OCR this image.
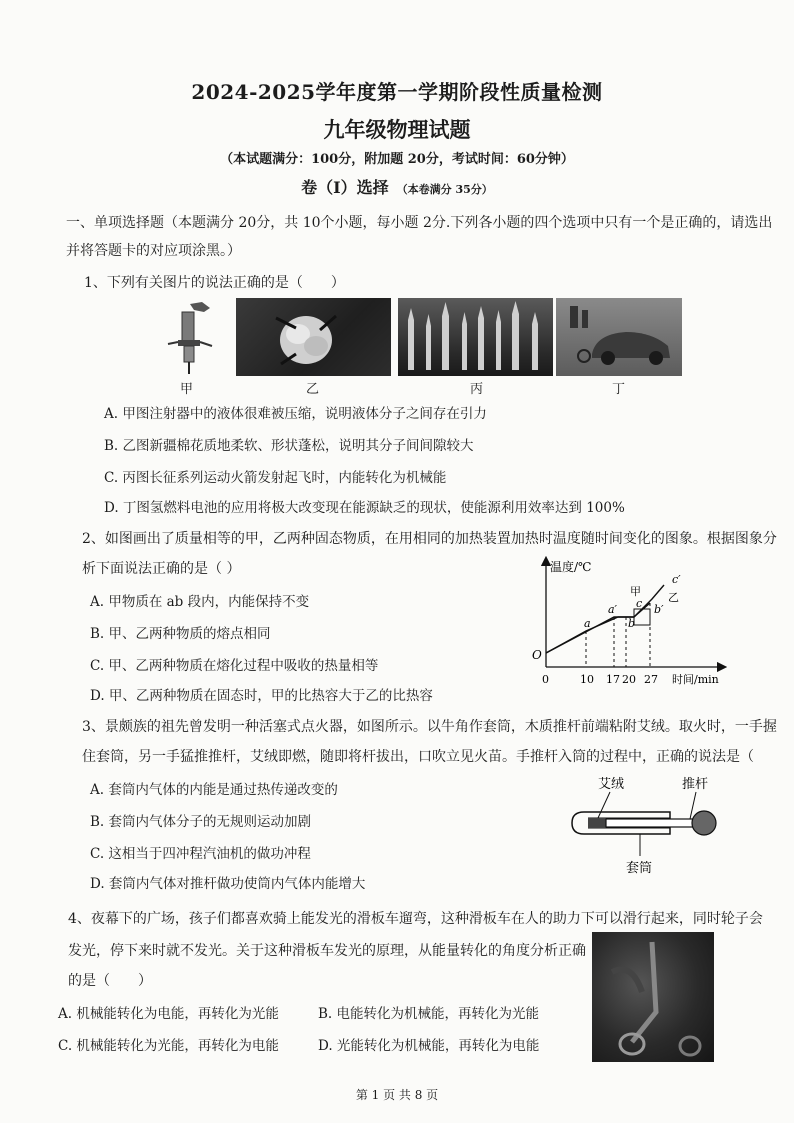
2024-2025学年度第一学期阶段性质量检测
九年级物理试题
（本试题满分：100分，附加题 20分，考试时间：60分钟）
卷（Ⅰ）选择 （本卷满分 35分）
一、单项选择题（本题满分 20分，共 10个小题，每小题 2分.下列各小题的四个选项中只有一个是正确的，请选出
并将答题卡的对应项涂黑。）
1、下列有关图片的说法正确的是（　　）
甲	乙	丙	丁
A. 甲图注射器中的液体很难被压缩，说明液体分子之间存在引力
B. 乙图新疆棉花质地柔软、形状蓬松，说明其分子间间隙较大
C. 丙图长征系列运动火箭发射起飞时，内能转化为机械能
D. 丁图氢燃料电池的应用将极大改变现在能源缺乏的现状，使能源利用效率达到 100%
2、如图画出了质量相等的甲，乙两种固态物质，在用相同的加热装置加热时温度随时间变化的图象。根据图象分
析下面说法正确的是（ ）
A. 甲物质在 ab 段内，内能保持不变
B. 甲、乙两种物质的熔点相同
C. 甲、乙两种物质在熔化过程中吸收的热量相等
D. 甲、乙两种物质在固态时，甲的比热容大于乙的比热容
温度/℃
时间/min
O
0	10 17 20 27
a
a′
b
b′
c
c′
甲 乙
3、景颇族的祖先曾发明一种活塞式点火器，如图所示。以牛角作套筒，木质推杆前端粘附艾绒。取火时，一手握
住套筒，另一手猛推推杆，艾绒即燃，随即将杆拔出，口吹立见火苗。手推杆入筒的过程中，正确的说法是（
A. 套筒内气体的内能是通过热传递改变的
B. 套筒内气体分子的无规则运动加剧
C. 这相当于四冲程汽油机的做功冲程
D. 套筒内气体对推杆做功使筒内气体内能增大
艾绒	推杆
套筒
4、夜幕下的广场，孩子们都喜欢骑上能发光的滑板车遛弯，这种滑板车在人的助力下可以滑行起来，同时轮子会
发光，停下来时就不发光。关于这种滑板车发光的原理，从能量转化的角度分析正确
的是（　　）
A. 机械能转化为电能，再转化为光能	B. 电能转化为机械能，再转化为光能
C. 机械能转化为光能，再转化为电能	D. 光能转化为机械能，再转化为电能
第 1 页 共 8 页
